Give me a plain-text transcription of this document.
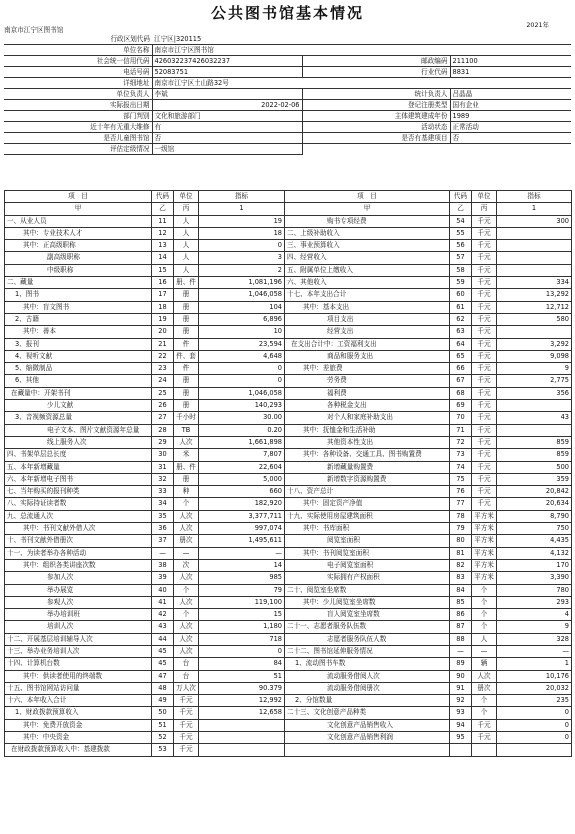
公共图书馆基本情况
南京市江宁区图书馆
2021年
行政区划代码	江宁区|320115		
单位名称	南京市江宁区图书馆		
社会统一信用代码	426032237426032237	邮政编码	211100
电话号码	52083751	行业代码	8831
详细地址	南京市江宁区土山路32号		
单位负责人	李斌	统计负责人	吕晶晶
实际报出日期	2022-02-06	登记注册类型	国有企业
部门判别	文化和旅游部门	主体建筑建成年份	1989
近十年有无重大维修	有	活动状态	正常活动
是否儿童图书馆	否	是否有基建项目	否
评估定级情况	一级馆		
项　目	代码	单位	指标	项　目	代码	单位	指标
甲	乙	丙	1	甲	乙	丙	1
一、从业人员	11	人	19	购书专项经费	54	千元	300
其中：专业技术人才	12	人	18	二、上级补助收入	55	千元	
其中：正高级职称	13	人	0	三、事业预算收入	56	千元	
副高级职称	14	人	3	四、经营收入	57	千元	
中级职称	15	人	2	五、附属单位上缴收入	58	千元	
二、藏量	16	册、件	1,081,196	六、其他收入	59	千元	334
1、图书	17	册	1,046,058	十七、本年支出合计	60	千元	13,292
其中：盲文图书	18	册	104	其中：基本支出	61	千元	12,712
2、古籍	19	册	6,896	项目支出	62	千元	580
其中：善本	20	册	10	经营支出	63	千元	
3、报刊	21	件	23,594	在支出合计中：工资福利支出	64	千元	3,292
4、视听文献	22	件、套	4,648	商品和服务支出	65	千元	9,098
5、缩微制品	23	件	0	其中：差旅费	66	千元	9
6、其他	24	册	0	劳务费	67	千元	2,775
在藏量中：开架书刊	25	册	1,046,058	福利费	68	千元	356
少儿文献	26	册	140,293	各种税金支出	69	千元	
3、音视频资源总量	27	千小时	30.00	对个人和家庭补助支出	70	千元	43
电子文本、图片文献资源年总量	28	TB	0.20	其中：抚恤金和生活补助	71	千元	
线上服务人次	29	人次	1,661,898	其他资本性支出	72	千元	859
四、书架单层总长度	30	米	7,807	其中：各种设备、交通工具、图书购置费	73	千元	859
五、本年新增藏量	31	册、件	22,604	新增藏量购置费	74	千元	500
六、本年新增电子图书	32	册	5,000	新增数字资源购置费	75	千元	359
七、当年购买的报刊种类	33	种	660	十八、资产总计	76	千元	20,842
八、实际持证读者数	34	个	182,920	其中：固定资产净值	77	千元	20,634
九、总流通人次	35	人次	3,377,711	十九、实际使用房屋建筑面积	78	平方米	8,790
其中：书刊文献外借人次	36	人次	997,074	其中：书库面积	79	平方米	750
十、书刊文献外借册次	37	册次	1,495,611	阅览室面积	80	平方米	4,435
十一、为读者举办各种活动	—	—	—	其中：书刊阅览室面积	81	平方米	4,132
其中：组织各类讲座次数	38	次	14	电子阅览室面积	82	平方米	170
参加人次	39	人次	985	实际拥有产权面积	83	平方米	3,390
举办展览	40	个	79	二十、阅览室坐席数	84	个	780
参观人次	41	人次	119,100	其中：少儿阅览室坐席数	85	个	293
举办培训班	42	个	15	盲人阅览室坐席数	86	个	4
培训人次	43	人次	1,180	二十一、志愿者服务队伍数	87	个	9
十二、开展基层培训辅导人次	44	人次	718	志愿者服务队伍人数	88	人	328
十三、举办业务培训人次	45	人次	0	二十二、图书馆延伸服务情况	—	—	—
十四、计算机台数	45	台	84	1、流动图书车数	89	辆	1
其中：供读者使用的终端数	47	台	51	流动服务借阅人次	90	人次	10,176
十五、图书馆网站访问量	48	万人次	90.379	流动服务借阅册次	91	册次	20,032
十六、本年收入合计	49	千元	12,992	2、分馆数量	92	个	235
1、财政拨款预算收入	50	千元	12,658	二十三、文化创意产品种类	93	个	0
其中：免费开放资金	51	千元		文化创意产品销售收入	94	千元	0
其中：中央资金	52	千元		文化创意产品销售利润	95	千元	0
在财政拨款预算收入中：基建拨款	53	千元					
